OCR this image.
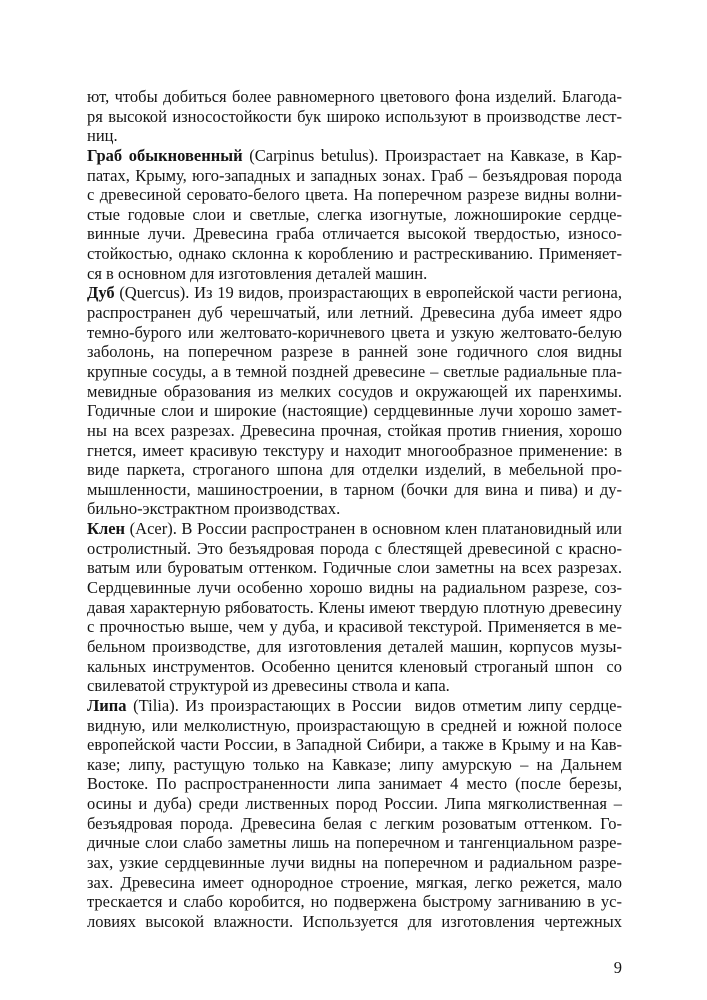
ют, чтобы добиться более равномерного цветового фона изделий. Благода-
ря высокой износостойкости бук широко используют в производстве лест-
ниц.
Граб обыкновенный (Carpinus betulus). Произрастает на Кавказе, в Кар-
патах, Крыму, юго-западных и западных зонах. Граб – безъядровая порода
с древесиной серовато-белого цвета. На поперечном разрезе видны волни-
стые годовые слои и светлые, слегка изогнутые, ложноширокие сердце-
винные лучи. Древесина граба отличается высокой твердостью, износо-
стойкостью, однако склонна к короблению и растрескиванию. Применяет-
ся в основном для изготовления деталей машин.
Дуб (Quercus). Из 19 видов, произрастающих в европейской части региона,
распространен дуб черешчатый, или летний. Древесина дуба имеет ядро
темно-бурого или желтовато-коричневого цвета и узкую желтовато-белую
заболонь, на поперечном разрезе в ранней зоне годичного слоя видны
крупные сосуды, а в темной поздней древесине – светлые радиальные пла-
мевидные образования из мелких сосудов и окружающей их паренхимы.
Годичные слои и широкие (настоящие) сердцевинные лучи хорошо замет-
ны на всех разрезах. Древесина прочная, стойкая против гниения, хорошо
гнется, имеет красивую текстуру и находит многообразное применение: в
виде паркета, строганого шпона для отделки изделий, в мебельной про-
мышленности, машиностроении, в тарном (бочки для вина и пива) и ду-
бильно-экстрактном производствах.
Клен (Acer). В России распространен в основном клен платановидный или
остролистный. Это безъядровая порода с блестящей древесиной с красно-
ватым или буроватым оттенком. Годичные слои заметны на всех разрезах.
Сердцевинные лучи особенно хорошо видны на радиальном разрезе, соз-
давая характерную рябоватость. Клены имеют твердую плотную древесину
с прочностью выше, чем у дуба, и красивой текстурой. Применяется в ме-
бельном производстве, для изготовления деталей машин, корпусов музы-
кальных инструментов. Особенно ценится кленовый строганый шпон  со
свилеватой структурой из древесины ствола и капа.
Липа (Tilia). Из произрастающих в России  видов отметим липу сердце-
видную, или мелколистную, произрастающую в средней и южной полосе
европейской части России, в Западной Сибири, а также в Крыму и на Кав-
казе; липу, растущую только на Кавказе; липу амурскую – на Дальнем
Востоке. По распространенности липа занимает 4 место (после березы,
осины и дуба) среди лиственных пород России. Липа мягколиственная –
безъядровая порода. Древесина белая с легким розоватым оттенком. Го-
дичные слои слабо заметны лишь на поперечном и тангенциальном разре-
зах, узкие сердцевинные лучи видны на поперечном и радиальном разре-
зах. Древесина имеет однородное строение, мягкая, легко режется, мало
трескается и слабо коробится, но подвержена быстрому загниванию в ус-
ловиях высокой влажности. Используется для изготовления чертежных
9
